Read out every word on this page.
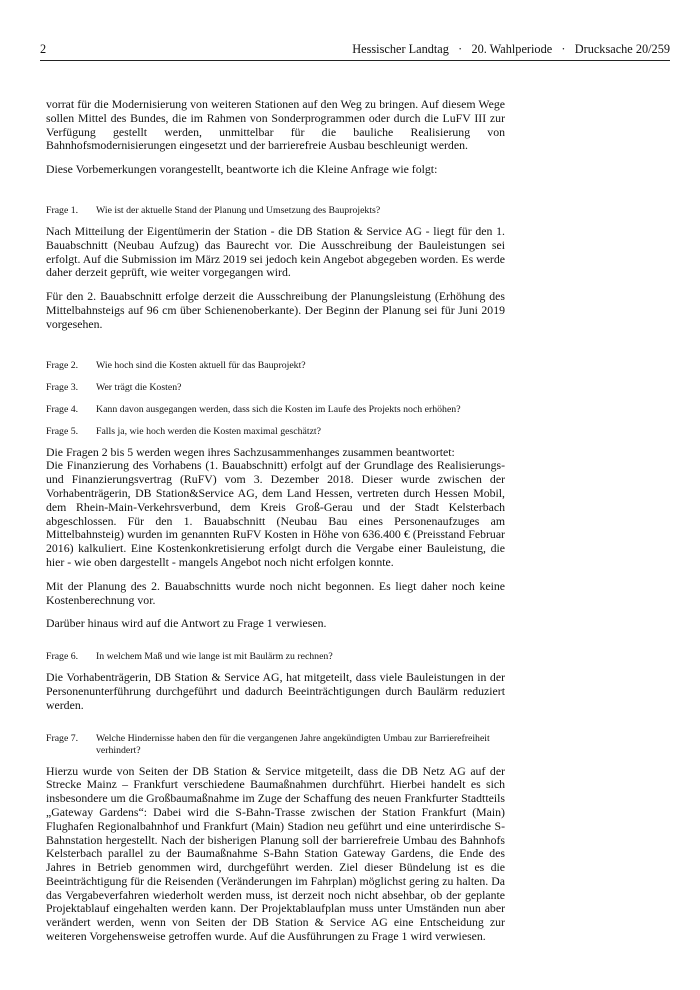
2	Hessischer Landtag   ·   20. Wahlperiode   ·   Drucksache 20/259

vorrat für die Modernisierung von weiteren Stationen auf den Weg zu bringen. Auf diesem Wege sollen Mittel des Bundes, die im Rahmen von Sonderprogrammen oder durch die LuFV III zur Verfügung gestellt werden, unmittelbar für die bauliche Realisierung von Bahnhofsmodernisierungen eingesetzt und der barrierefreie Ausbau beschleunigt werden.

Diese Vorbemerkungen vorangestellt, beantworte ich die Kleine Anfrage wie folgt:

Frage 1.	Wie ist der aktuelle Stand der Planung und Umsetzung des Bauprojekts?

Nach Mitteilung der Eigentümerin der Station - die DB Station & Service AG - liegt für den 1. Bauabschnitt (Neubau Aufzug) das Baurecht vor. Die Ausschreibung der Bauleistungen sei erfolgt. Auf die Submission im März 2019 sei jedoch kein Angebot abgegeben worden. Es werde daher derzeit geprüft, wie weiter vorgegangen wird.

Für den 2. Bauabschnitt erfolge derzeit die Ausschreibung der Planungsleistung (Erhöhung des Mittelbahnsteigs auf 96 cm über Schienenoberkante). Der Beginn der Planung sei für Juni 2019 vorgesehen.

Frage 2.	Wie hoch sind die Kosten aktuell für das Bauprojekt?
Frage 3.	Wer trägt die Kosten?
Frage 4.	Kann davon ausgegangen werden, dass sich die Kosten im Laufe des Projekts noch erhöhen?
Frage 5.	Falls ja, wie hoch werden die Kosten maximal geschätzt?

Die Fragen 2 bis 5 werden wegen ihres Sachzusammenhanges zusammen beantwortet:

Die Finanzierung des Vorhabens (1. Bauabschnitt) erfolgt auf der Grundlage des Realisierungs- und Finanzierungsvertrag (RuFV) vom 3. Dezember 2018. Dieser wurde zwischen der Vorhabenträgerin, DB Station&Service AG, dem Land Hessen, vertreten durch Hessen Mobil, dem Rhein-Main-Verkehrsverbund, dem Kreis Groß-Gerau und der Stadt Kelsterbach abgeschlossen. Für den 1. Bauabschnitt (Neubau Bau eines Personenaufzuges am Mittelbahnsteig) wurden im genannten RuFV Kosten in Höhe von 636.400 € (Preisstand Februar 2016) kalkuliert. Eine Kostenkonkretisierung erfolgt durch die Vergabe einer Bauleistung, die hier - wie oben dargestellt - mangels Angebot noch nicht erfolgen konnte.

Mit der Planung des 2. Bauabschnitts wurde noch nicht begonnen. Es liegt daher noch keine Kostenberechnung vor.

Darüber hinaus wird auf die Antwort zu Frage 1 verwiesen.

Frage 6.	In welchem Maß und wie lange ist mit Baulärm zu rechnen?

Die Vorhabenträgerin, DB Station & Service AG, hat mitgeteilt, dass viele Bauleistungen in der Personenunterführung durchgeführt und dadurch Beeinträchtigungen durch Baulärm reduziert werden.

Frage 7.	Welche Hindernisse haben den für die vergangenen Jahre angekündigten Umbau zur Barrierefreiheit verhindert?

Hierzu wurde von Seiten der DB Station & Service mitgeteilt, dass die DB Netz AG auf der Strecke Mainz – Frankfurt verschiedene Baumaßnahmen durchführt. Hierbei handelt es sich insbesondere um die Großbaumaßnahme im Zuge der Schaffung des neuen Frankfurter Stadtteils „Gateway Gardens“: Dabei wird die S-Bahn-Trasse zwischen der Station Frankfurt (Main) Flughafen Regionalbahnhof und Frankfurt (Main) Stadion neu geführt und eine unterirdische S-Bahnstation hergestellt. Nach der bisherigen Planung soll der barrierefreie Umbau des Bahnhofs Kelsterbach parallel zu der Baumaßnahme S-Bahn Station Gateway Gardens, die Ende des Jahres in Betrieb genommen wird, durchgeführt werden. Ziel dieser Bündelung ist es die Beeinträchtigung für die Reisenden (Veränderungen im Fahrplan) möglichst gering zu halten. Da das Vergabeverfahren wiederholt werden muss, ist derzeit noch nicht absehbar, ob der geplante Projektablauf eingehalten werden kann. Der Projektablaufplan muss unter Umständen nun aber verändert werden, wenn von Seiten der DB Station & Service AG eine Entscheidung zur weiteren Vorgehensweise getroffen wurde. Auf die Ausführungen zu Frage 1 wird verwiesen.
